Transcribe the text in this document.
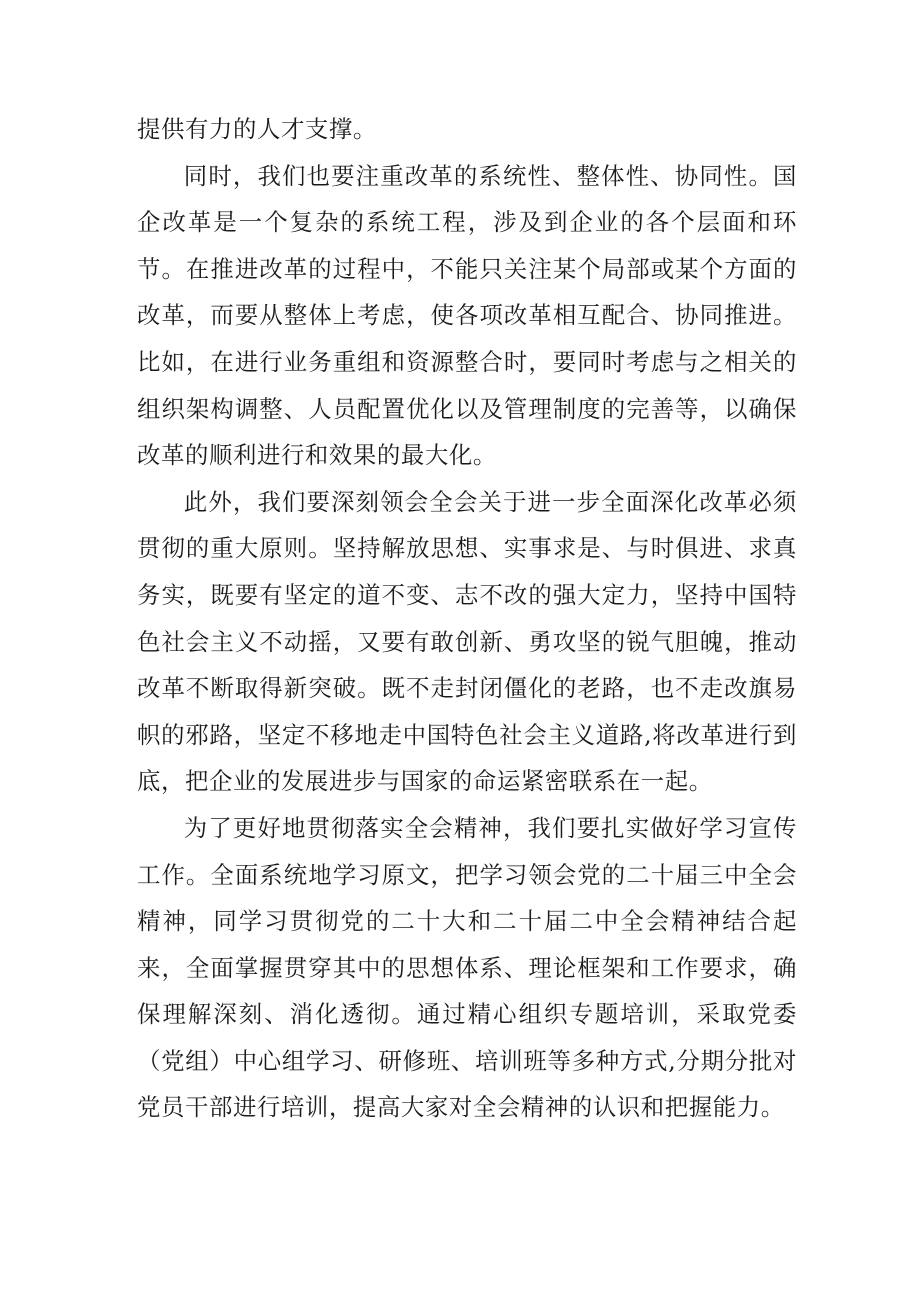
提供有力的人才支撑。

同时，我们也要注重改革的系统性、整体性、协同性。国企改革是一个复杂的系统工程，涉及到企业的各个层面和环节。在推进改革的过程中，不能只关注某个局部或某个方面的改革，而要从整体上考虑，使各项改革相互配合、协同推进。比如，在进行业务重组和资源整合时，要同时考虑与之相关的组织架构调整、人员配置优化以及管理制度的完善等，以确保改革的顺利进行和效果的最大化。

此外，我们要深刻领会全会关于进一步全面深化改革必须贯彻的重大原则。坚持解放思想、实事求是、与时俱进、求真务实，既要有坚定的道不变、志不改的强大定力，坚持中国特色社会主义不动摇，又要有敢创新、勇攻坚的锐气胆魄，推动改革不断取得新突破。既不走封闭僵化的老路，也不走改旗易帜的邪路，坚定不移地走中国特色社会主义道路,将改革进行到底，把企业的发展进步与国家的命运紧密联系在一起。

为了更好地贯彻落实全会精神，我们要扎实做好学习宣传工作。全面系统地学习原文，把学习领会党的二十届三中全会精神，同学习贯彻党的二十大和二十届二中全会精神结合起来，全面掌握贯穿其中的思想体系、理论框架和工作要求，确保理解深刻、消化透彻。通过精心组织专题培训，采取党委（党组）中心组学习、研修班、培训班等多种方式,分期分批对党员干部进行培训，提高大家对全会精神的认识和把握能力。
